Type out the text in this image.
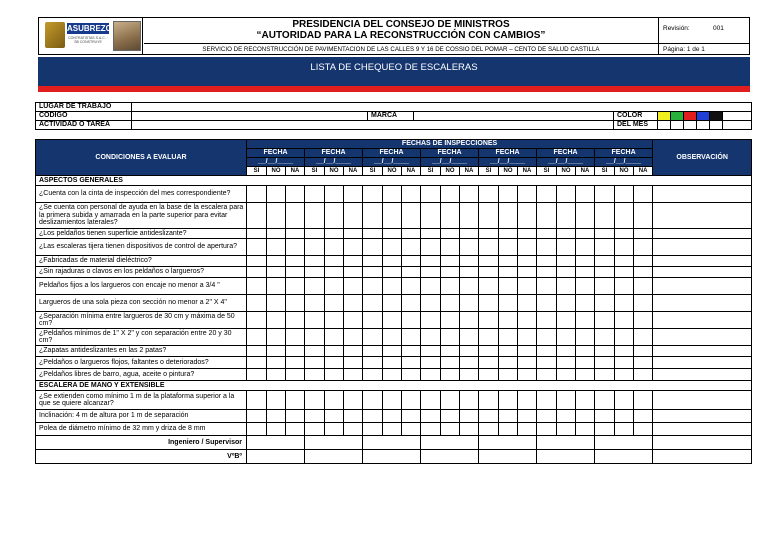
ASUBREZC
CONTRATISTAS S.A.C. · SB CONSTRUYE
PRESIDENCIA DEL CONSEJO DE MINISTROS
“AUTORIDAD PARA LA RECONSTRUCCIÓN CON CAMBIOS”
SERVICIO DE RECONSTRUCCIÓN DE PAVIMENTACION DE LAS CALLES 9 Y 16 DE COSSIO DEL POMAR – CENTO DE SALUD CASTILLA
Revisión:	001
Página: 1 de 1
LISTA DE CHEQUEO DE ESCALERAS
LUGAR DE TRABAJO										
CÓDIGO		MARCA		COLOR						
ACTIVIDAD O TAREA				DEL MES						
CONDICIONES A EVALUAR	FECHAS DE INSPECCIONES																					OBSERVACIÓN
	FECHA			FECHA			FECHA			FECHA			FECHA			FECHA			FECHA			
	__/__/____			__/__/____			__/__/____			__/__/____			__/__/____			__/__/____			__/__/____			
	SI	NO	NA	SI	NO	NA	SI	NO	NA	SI	NO	NA	SI	NO	NA	SI	NO	NA	SI	NO	NA	
ASPECTOS GENERALES																						
¿Cuenta con la cinta de inspección del mes correspondiente?																						
¿Se cuenta con personal de ayuda en la base de la escalera para la primera subida y amarrada en la parte superior para evitar deslizamientos laterales?																						
¿Los peldaños tienen superficie antideslizante?																						
¿Las escaleras tijera tienen dispositivos de control de apertura?																						
¿Fabricadas de material dieléctrico?																						
¿Sin rajaduras o clavos en los peldaños o largueros?																						
Peldaños fijos a los largueros con encaje no menor a 3/4 "																						
Largueros de una sola pieza con sección no menor a 2" X 4"																						
¿Separación mínima entre largueros de 30 cm y máxima de 50 cm?																						
¿Peldaños mínimos de 1" X 2" y con separación entre 20 y 30 cm?																						
¿Zapatas antideslizantes en las 2 patas?																						
¿Peldaños o largueros flojos, faltantes o deteriorados?																						
¿Peldaños libres de barro, agua, aceite o pintura?																						
ESCALERA DE MANO Y EXTENSIBLE																						
¿Se extienden como mínimo 1 m de la plataforma superior a la que se quiere alcanzar?																						
Inclinación: 4 m de altura por 1 m de separación																						
Polea de diámetro mínimo de 32 mm y driza de 8 mm																						
Ingeniero / Supervisor																						
VºBº																						
